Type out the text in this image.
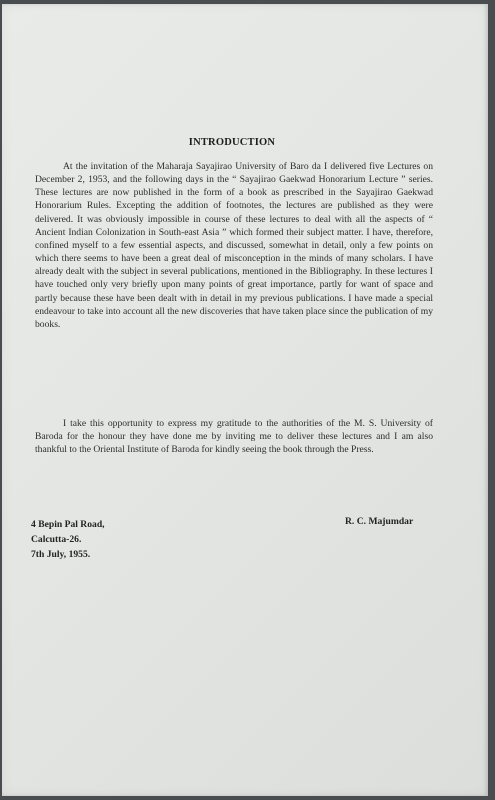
INTRODUCTION

At the invitation of the Maharaja Sayajirao University of Baro da I delivered five Lectures on December 2, 1953, and the following days in the “ Sayajirao Gaekwad Honorarium Lecture ” series. These lectures are now published in the form of a book as prescribed in the Sayajirao Gaekwad Honorarium Rules. Excepting the addition of footnotes, the lectures are published as they were delivered. It was obviously impossible in course of these lectures to deal with all the aspects of “ Ancient Indian Colonization in South-east Asia ” which formed their subject matter. I have, therefore, confined myself to a few essential aspects, and discussed, somewhat in detail, only a few points on which there seems to have been a great deal of misconception in the minds of many scholars. I have already dealt with the subject in several publications, mentioned in the Bibliography. In these lectures I have touched only very briefly upon many points of great importance, partly for want of space and partly because these have been dealt with in detail in my previous publications. I have made a special endeavour to take into account all the new discoveries that have taken place since the publication of my books.

I take this opportunity to express my gratitude to the authorities of the M. S. University of Baroda for the honour they have done me by inviting me to deliver these lectures and I am also thankful to the Oriental Institute of Baroda for kindly seeing the book through the Press.

4 Bepin Pal Road,
Calcutta-26.
7th July, 1955.
R. C. Majumdar
